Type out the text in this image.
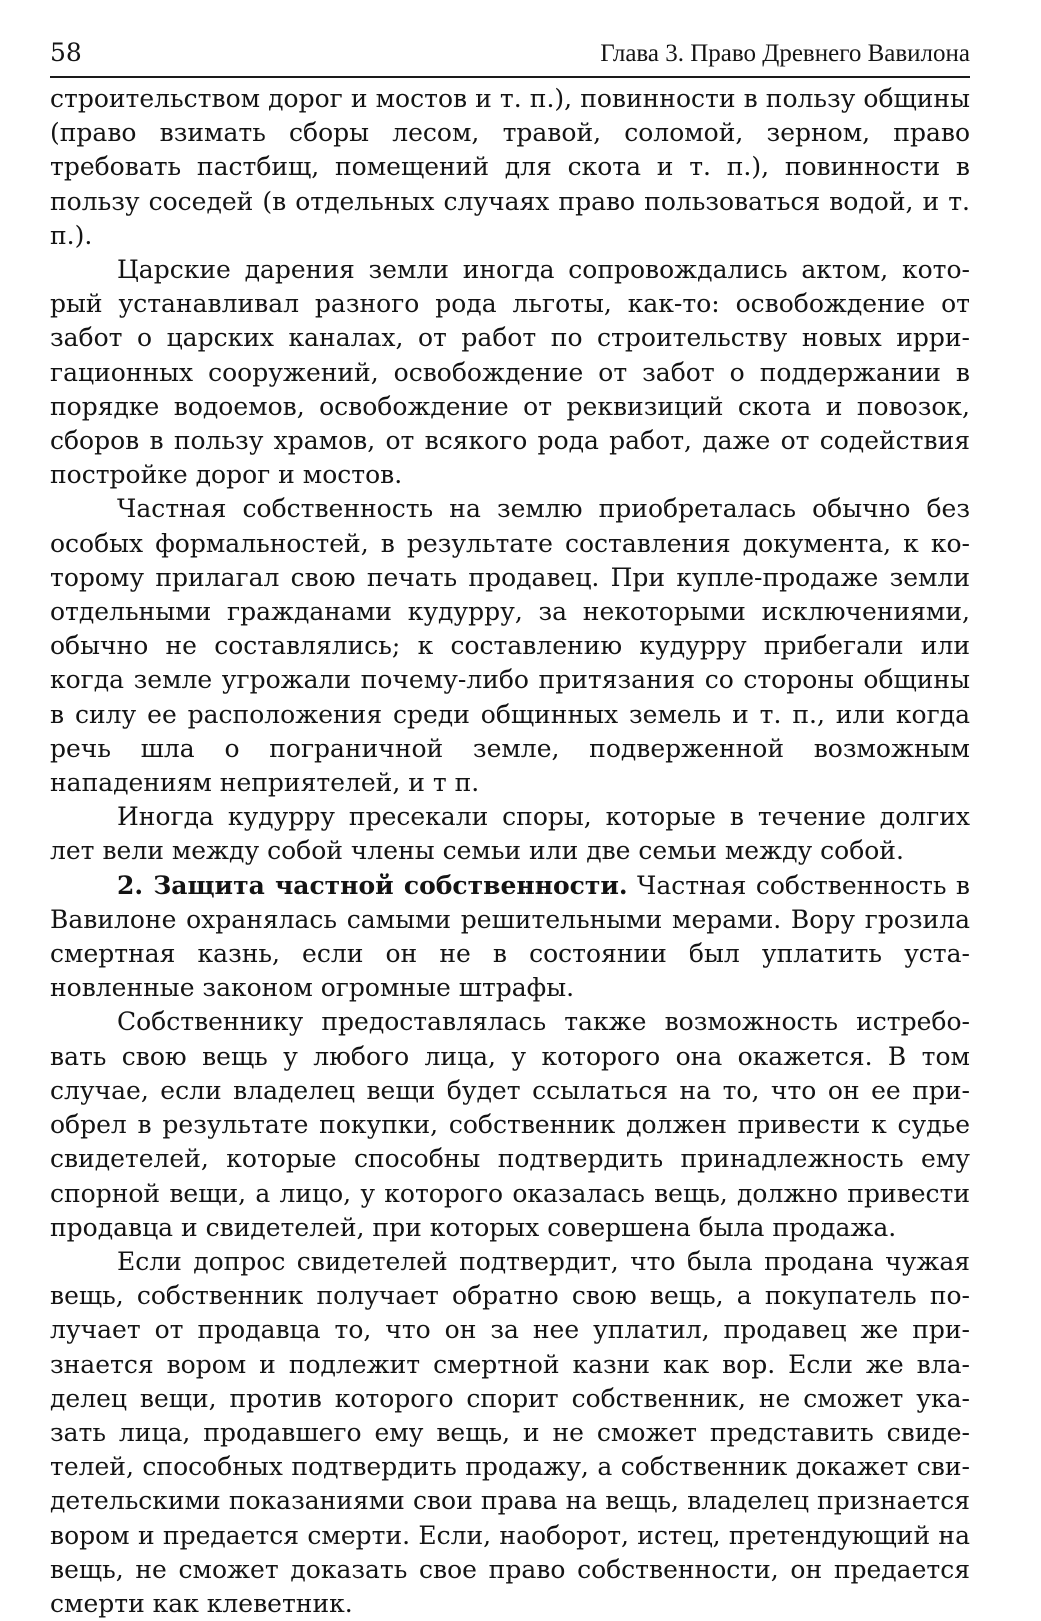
58	Глава 3. Право Древнего Вавилона

строительством дорог и мостов и т. п.), повинности в пользу общины (право взимать сборы лесом, травой, соломой, зерном, право требовать пастбищ, помещений для скота и т. п.), повинности в пользу соседей (в отдельных случаях право пользоваться водой, и т. п.).

Царские дарения земли иногда сопровождались актом, который устанавливал разного рода льготы, как-то: освобождение от забот о царских каналах, от работ по строительству новых ирригационных сооружений, освобождение от забот о поддержании в порядке водоемов, освобождение от реквизиций скота и повозок, сборов в пользу храмов, от всякого рода работ, даже от содействия постройке дорог и мостов.

Частная собственность на землю приобреталась обычно без особых формальностей, в результате составления документа, к которому прилагал свою печать продавец. При купле-продаже земли отдельными гражданами кудурру, за некоторыми исключениями, обычно не составлялись; к составлению кудурру прибегали или когда земле угрожали почему-либо притязания со стороны общины в силу ее расположения среди общинных земель и т. п., или когда речь шла о пограничной земле, подверженной возможным нападениям неприятелей, и т п.

Иногда кудурру пресекали споры, которые в течение долгих лет вели между собой члены семьи или две семьи между собой.

2. Защита частной собственности. Частная собственность в Вавилоне охранялась самыми решительными мерами. Вору грозила смертная казнь, если он не в состоянии был уплатить установленные законом огромные штрафы.

Собственнику предоставлялась также возможность истребовать свою вещь у любого лица, у которого она окажется. В том случае, если владелец вещи будет ссылаться на то, что он ее приобрел в результате покупки, собственник должен привести к судье свидетелей, которые способны подтвердить принадлежность ему спорной вещи, а лицо, у которого оказалась вещь, должно привести продавца и свидетелей, при которых совершена была продажа.

Если допрос свидетелей подтвердит, что была продана чужая вещь, собственник получает обратно свою вещь, а покупатель получает от продавца то, что он за нее уплатил, продавец же признается вором и подлежит смертной казни как вор. Если же владелец вещи, против которого спорит собственник, не сможет указать лица, продавшего ему вещь, и не сможет представить свидетелей, способных подтвердить продажу, а собственник докажет свидетельскими показаниями свои права на вещь, владелец признается вором и предается смерти. Если, наоборот, истец, претендующий на вещь, не сможет доказать свое право собственности, он предается смерти как клеветник.
